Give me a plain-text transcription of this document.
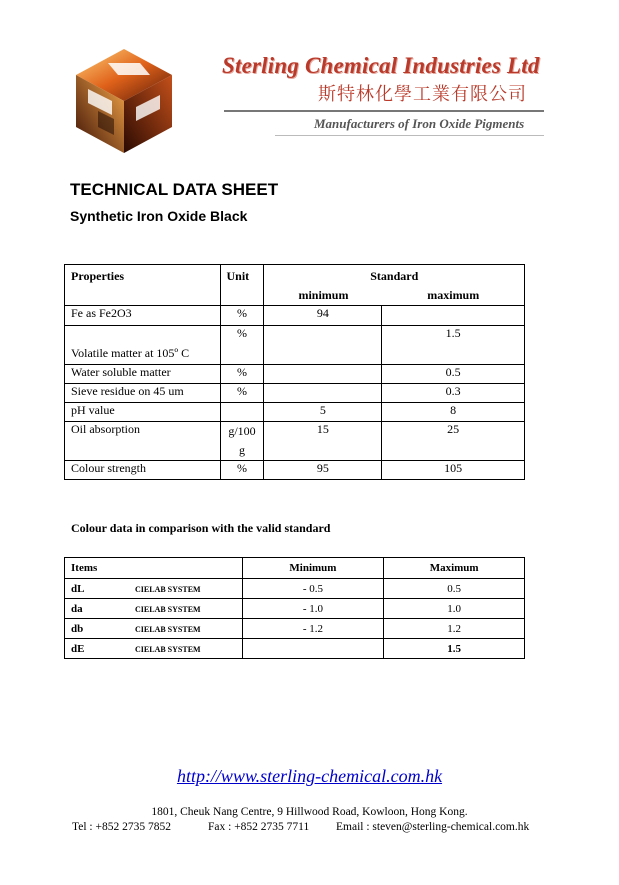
Sterling Chemical Industries Ltd
斯特林化學工業有限公司
Manufacturers of Iron Oxide Pigments
TECHNICAL DATA SHEET
Synthetic Iron Oxide Black
Properties	Unit	Standard
minimum maximum	

Fe as Fe2O3	%	94	
Volatile matter at 105º C	%		1.5
Water soluble matter	%		0.5
Sieve residue on 45 um	%		0.3
pH value		5	8
Oil absorption	g/100 g	15	25
Colour strength	%	95	105
Colour data in comparison with the valid standard
Items	Minimum	Maximum
dL CIELAB SYSTEM	- 0.5	0.5
da CIELAB SYSTEM	- 1.0	1.0
db CIELAB SYSTEM	- 1.2	1.2
dE CIELAB SYSTEM		1.5
http://www.sterling-chemical.com.hk
1801, Cheuk Nang Centre, 9 Hillwood Road, Kowloon, Hong Kong.
Tel : +852 2735 7852	Fax : +852 2735 7711 Email : steven@sterling-chemical.com.hk
